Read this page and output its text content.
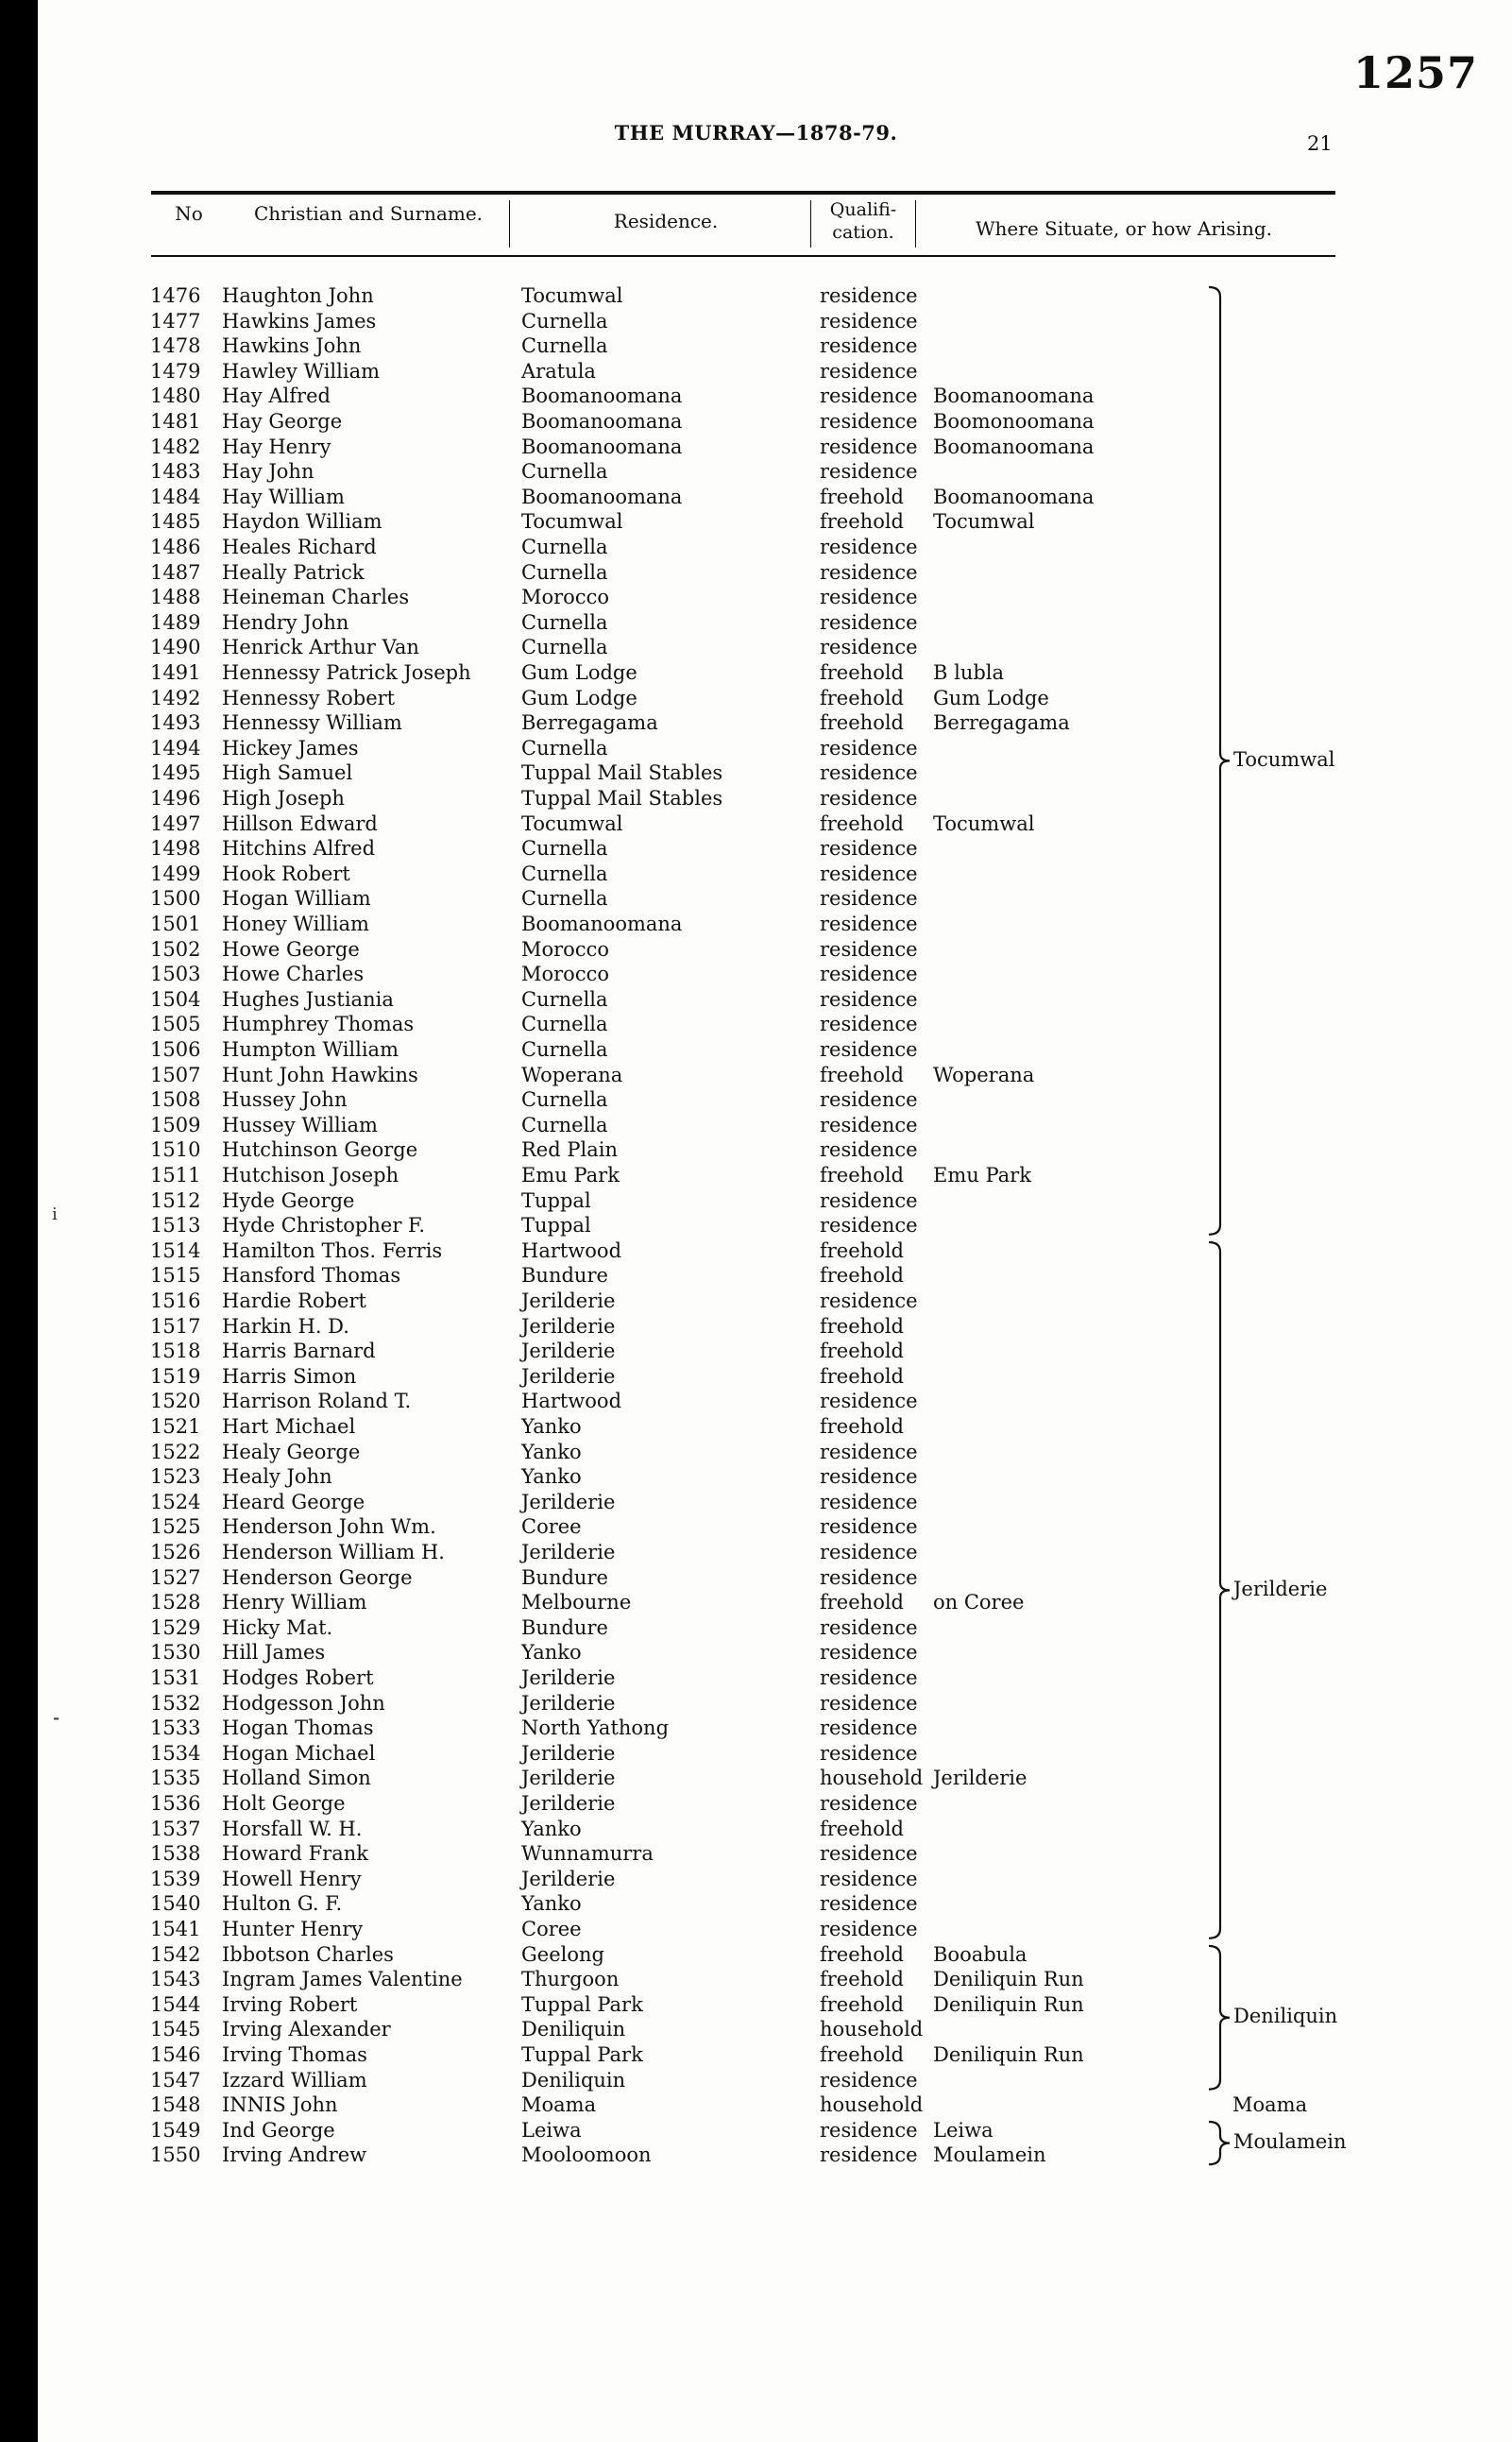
1257
THE MURRAY—1878-79.	21
No	Christian and Surname.	Residence.	Qualifi-
cation.	Where Situate, or how Arising.
ⅰ
⁃
1476 Haughton John	Tocumwal	residence
1477 Hawkins James	Curnella	residence
1478 Hawkins John	Curnella	residence
1479 Hawley William	Aratula	residence
1480 Hay Alfred	Boomanoomana	residence Boomanoomana
1481 Hay George	Boomanoomana	residence Boomonoomana
1482 Hay Henry	Boomanoomana	residence Boomanoomana
1483 Hay John	Curnella	residence
1484 Hay William	Boomanoomana	freehold Boomanoomana
1485 Haydon William	Tocumwal	freehold Tocumwal
1486 Heales Richard	Curnella	residence
1487 Heally Patrick	Curnella	residence
1488 Heineman Charles	Morocco	residence
1489 Hendry John	Curnella	residence
1490 Henrick Arthur Van	Curnella	residence
1491 Hennessy Patrick Joseph	Gum Lodge	freehold B lubla
1492 Hennessy Robert	Gum Lodge	freehold Gum Lodge
1493 Hennessy William	Berregagama	freehold Berregagama
1494 Hickey James	Curnella	residence
1495 High Samuel	Tuppal Mail Stables	residence
1496 High Joseph	Tuppal Mail Stables	residence
1497 Hillson Edward	Tocumwal	freehold Tocumwal
1498 Hitchins Alfred	Curnella	residence
1499 Hook Robert	Curnella	residence
1500 Hogan William	Curnella	residence
1501 Honey William	Boomanoomana	residence
1502 Howe George	Morocco	residence
1503 Howe Charles	Morocco	residence
1504 Hughes Justiania	Curnella	residence
1505 Humphrey Thomas	Curnella	residence
1506 Humpton William	Curnella	residence
1507 Hunt John Hawkins	Woperana	freehold Woperana
1508 Hussey John	Curnella	residence
1509 Hussey William	Curnella	residence
1510 Hutchinson George	Red Plain	residence
1511 Hutchison Joseph	Emu Park	freehold Emu Park
1512 Hyde George	Tuppal	residence
1513 Hyde Christopher F.	Tuppal	residence
1514 Hamilton Thos. Ferris	Hartwood	freehold
1515 Hansford Thomas	Bundure	freehold
1516 Hardie Robert	Jerilderie	residence
1517 Harkin H. D.	Jerilderie	freehold
1518 Harris Barnard	Jerilderie	freehold
1519 Harris Simon	Jerilderie	freehold
1520 Harrison Roland T.	Hartwood	residence
1521 Hart Michael	Yanko	freehold
1522 Healy George	Yanko	residence
1523 Healy John	Yanko	residence
1524 Heard George	Jerilderie	residence
1525 Henderson John Wm.	Coree	residence
1526 Henderson William H.	Jerilderie	residence
1527 Henderson George	Bundure	residence
1528 Henry William	Melbourne	freehold on Coree
1529 Hicky Mat.	Bundure	residence
1530 Hill James	Yanko	residence
1531 Hodges Robert	Jerilderie	residence
1532 Hodgesson John	Jerilderie	residence
1533 Hogan Thomas	North Yathong	residence
1534 Hogan Michael	Jerilderie	residence
1535 Holland Simon	Jerilderie	household Jerilderie
1536 Holt George	Jerilderie	residence
1537 Horsfall W. H.	Yanko	freehold
1538 Howard Frank	Wunnamurra	residence
1539 Howell Henry	Jerilderie	residence
1540 Hulton G. F.	Yanko	residence
1541 Hunter Henry	Coree	residence
1542 Ibbotson Charles	Geelong	freehold Booabula
1543 Ingram James Valentine	Thurgoon	freehold Deniliquin Run
1544 Irving Robert	Tuppal Park	freehold Deniliquin Run
1545 Irving Alexander	Deniliquin	household
1546 Irving Thomas	Tuppal Park	freehold Deniliquin Run
1547 Izzard William	Deniliquin	residence
1548 INNIS John	Moama	household
1549 Ind George	Leiwa	residence Leiwa
1550 Irving Andrew	Mooloomoon	residence Moulamein
Tocumwal
Jerilderie
Deniliquin
Moama
Moulamein
